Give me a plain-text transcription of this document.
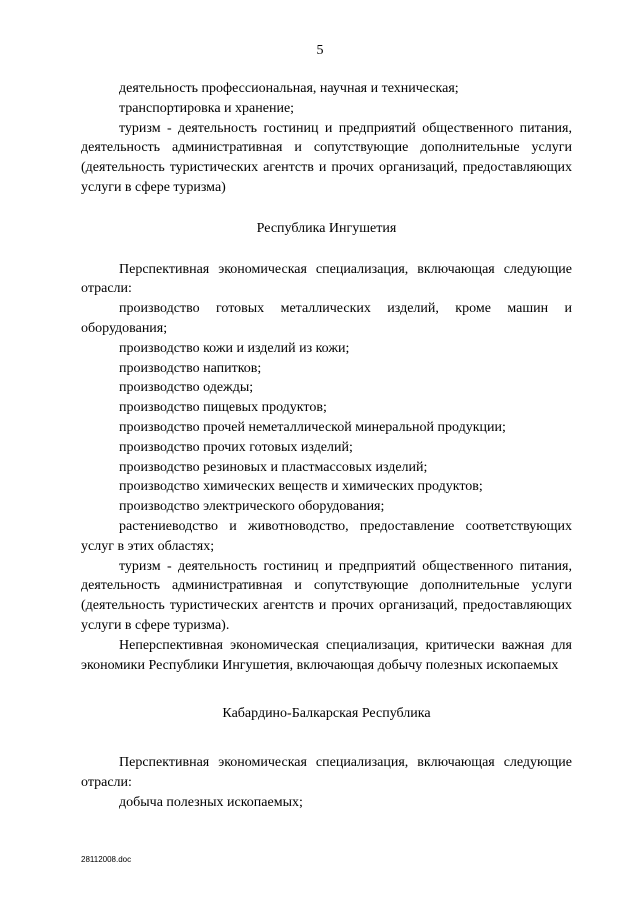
5

деятельность профессиональная, научная и техническая;

транспортировка и хранение;

туризм - деятельность гостиниц и предприятий общественного питания, деятельность административная и сопутствующие дополнительные услуги (деятельность туристических агентств и прочих организаций, предоставляющих услуги в сфере туризма)

Республика Ингушетия

Перспективная экономическая специализация, включающая следующие отрасли:

производство готовых металлических изделий, кроме машин и оборудования;

производство кожи и изделий из кожи;

производство напитков;

производство одежды;

производство пищевых продуктов;

производство прочей неметаллической минеральной продукции;

производство прочих готовых изделий;

производство резиновых и пластмассовых изделий;

производство химических веществ и химических продуктов;

производство электрического оборудования;

растениеводство и животноводство, предоставление соответствующих услуг в этих областях;

туризм - деятельность гостиниц и предприятий общественного питания, деятельность административная и сопутствующие дополнительные услуги (деятельность туристических агентств и прочих организаций, предоставляющих услуги в сфере туризма).

Неперспективная экономическая специализация, критически важная для экономики Республики Ингушетия, включающая добычу полезных ископаемых

Кабардино-Балкарская Республика

Перспективная экономическая специализация, включающая следующие отрасли:

добыча полезных ископаемых;

28112008.doc
